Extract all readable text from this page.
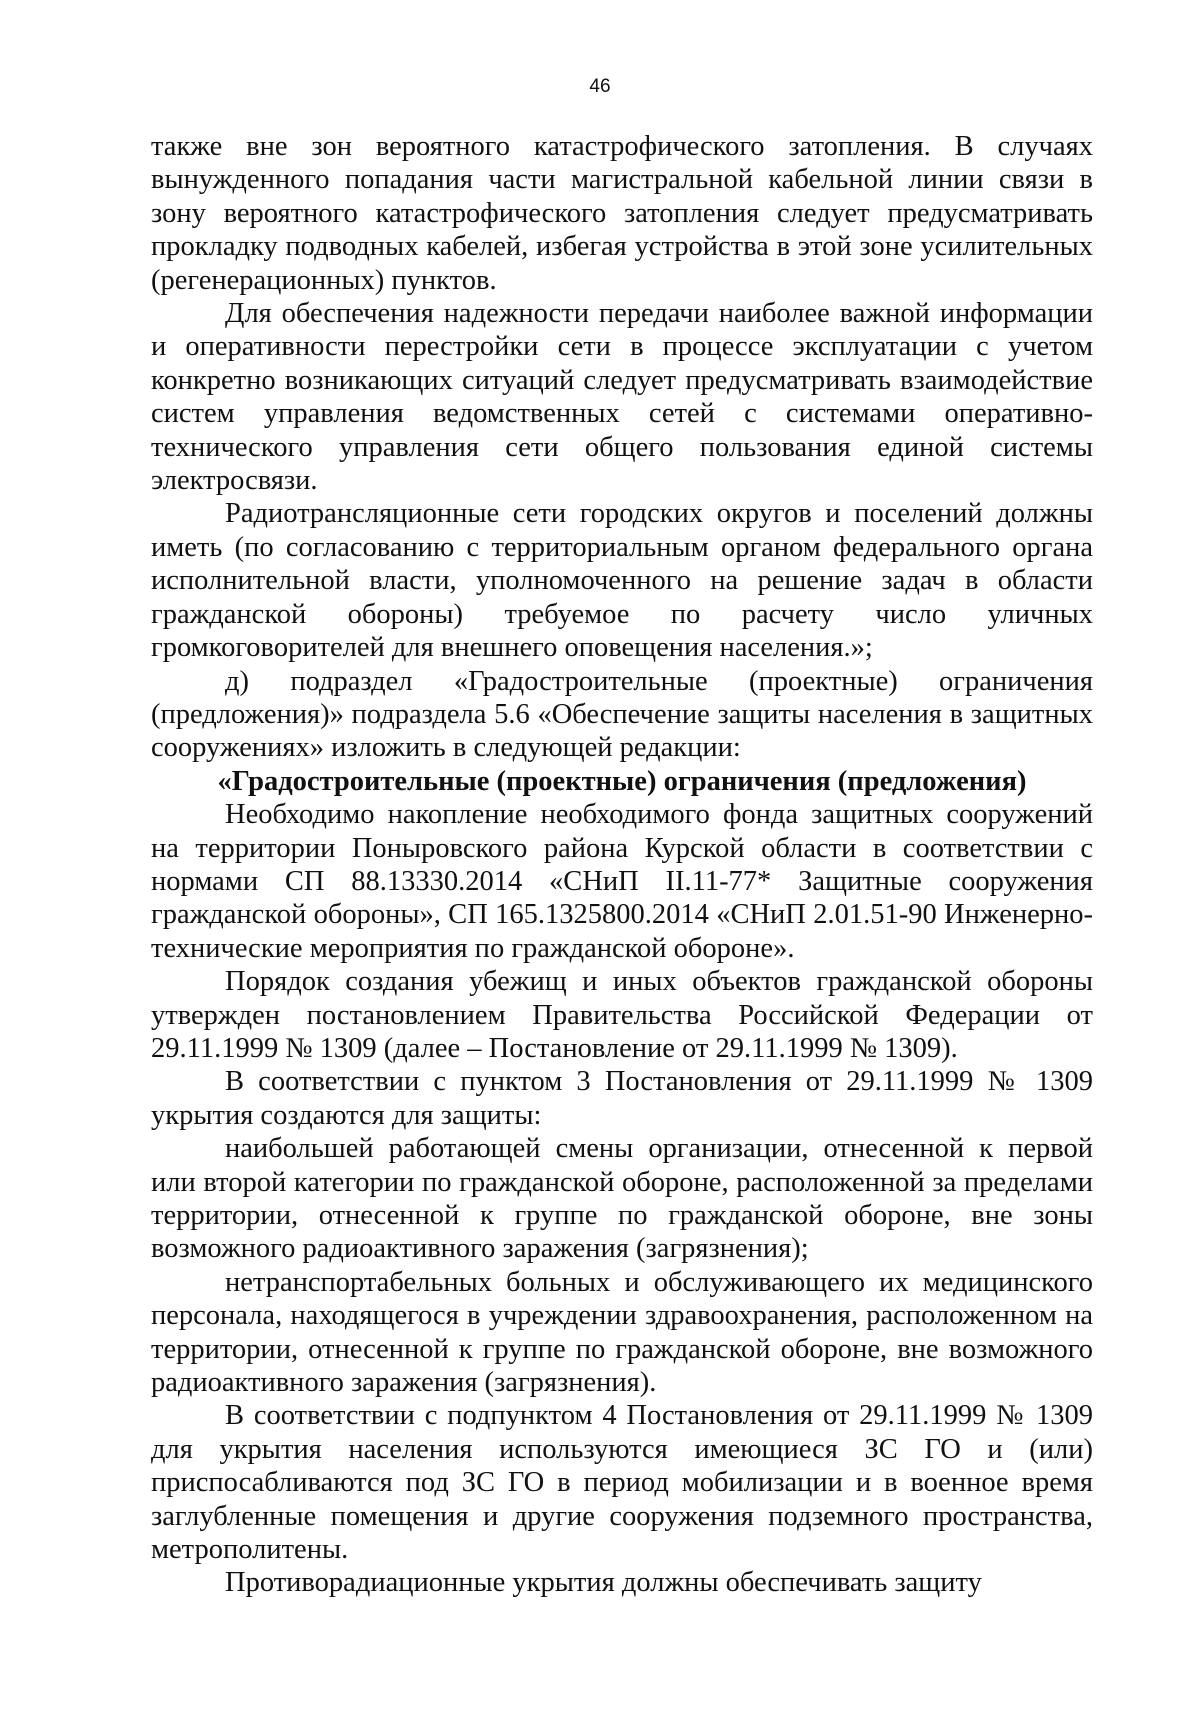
46

также вне зон вероятного катастрофического затопления. В случаях вынужденного попадания части магистральной кабельной линии связи в зону вероятного катастрофического затопления следует предусматривать прокладку подводных кабелей, избегая устройства в этой зоне усилительных (регенерационных) пунктов.

Для обеспечения надежности передачи наиболее важной информации и оперативности перестройки сети в процессе эксплуатации с учетом конкретно возникающих ситуаций следует предусматривать взаимодействие систем управления ведомственных сетей с системами оперативно-технического управления сети общего пользования единой системы электросвязи.

Радиотрансляционные сети городских округов и поселений должны иметь (по согласованию с территориальным органом федерального органа исполнительной власти, уполномоченного на решение задач в области гражданской обороны) требуемое по расчету число уличных громкоговорителей для внешнего оповещения населения.»;

д) подраздел «Градостроительные (проектные) ограничения (предложения)» подраздела 5.6 «Обеспечение защиты населения в защитных сооружениях» изложить в следующей редакции:

«Градостроительные (проектные) ограничения (предложения)

Необходимо накопление необходимого фонда защитных сооружений на территории Поныровского района Курской области в соответствии с нормами СП 88.13330.2014 «СНиП II.11-77* Защитные сооружения гражданской обороны», СП 165.1325800.2014 «СНиП 2.01.51-90 Инженерно-технические мероприятия по гражданской обороне».

Порядок создания убежищ и иных объектов гражданской обороны утвержден постановлением Правительства Российской Федерации от 29.11.1999 № 1309 (далее – Постановление от 29.11.1999 № 1309).

В соответствии с пунктом 3 Постановления от 29.11.1999 № 1309 укрытия создаются для защиты:

наибольшей работающей смены организации, отнесенной к первой или второй категории по гражданской обороне, расположенной за пределами территории, отнесенной к группе по гражданской обороне, вне зоны возможного радиоактивного заражения (загрязнения);

нетранспортабельных больных и обслуживающего их медицинского персонала, находящегося в учреждении здравоохранения, расположенном на территории, отнесенной к группе по гражданской обороне, вне возможного радиоактивного заражения (загрязнения).

В соответствии с подпунктом 4 Постановления от 29.11.1999 № 1309 для укрытия населения используются имеющиеся ЗС ГО и (или) приспосабливаются под ЗС ГО в период мобилизации и в военное время заглубленные помещения и другие сооружения подземного пространства, метрополитены.

Противорадиационные укрытия должны обеспечивать защиту
